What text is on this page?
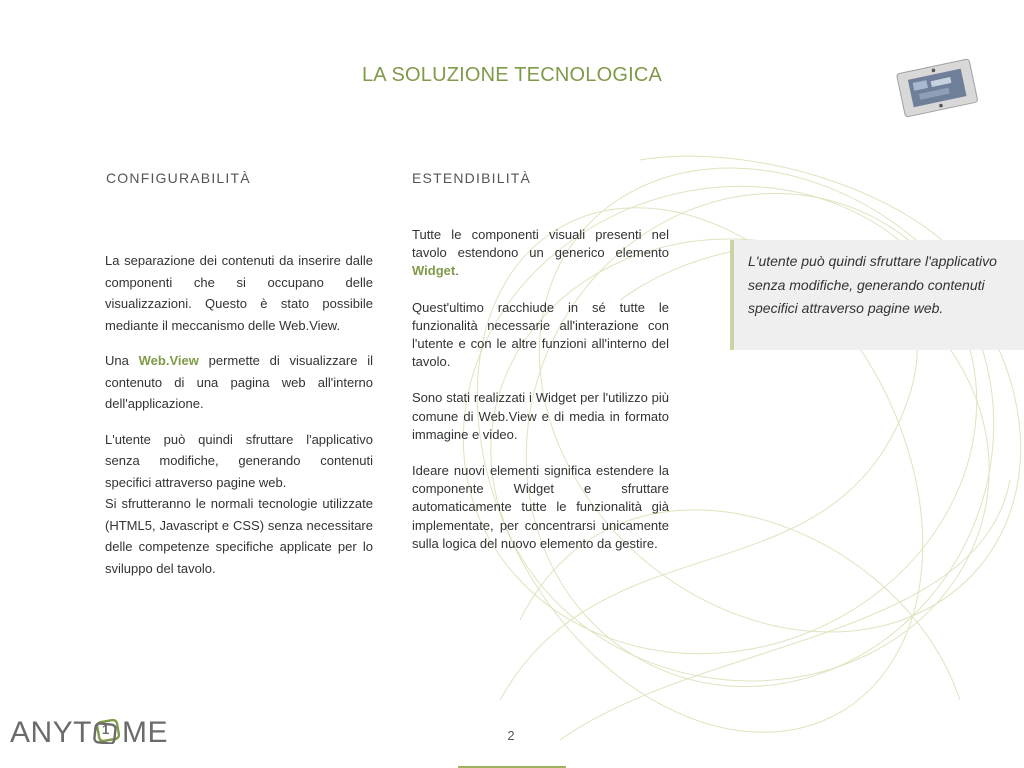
LA SOLUZIONE TECNOLOGICA
CONFIGURABILITÀ	ESTENDIBILITÀ

La separazione dei contenuti da inserire dalle componenti che si occupano delle visualizzazioni. Questo è stato possibile mediante il meccanismo delle Web.View.

Una Web.View permette di visualizzare il contenuto di una pagina web all'interno dell'applicazione.

L'utente può quindi sfruttare l'applicativo senza modifiche, generando contenuti specifici attraverso pagine web.
Si sfrutteranno le normali tecnologie utilizzate (HTML5, Javascript e CSS) senza necessitare delle competenze specifiche applicate per lo sviluppo del tavolo.

Tutte le componenti visuali presenti nel tavolo estendono un generico elemento Widget.

Quest'ultimo racchiude in sé tutte le funzionalità necessarie all'interazione con l'utente e con le altre funzioni all'interno del tavolo.

Sono stati realizzati i Widget per l'utilizzo più comune di Web.View e di media in formato immagine e video.

Ideare nuovi elementi significa estendere la componente Widget e sfruttare automaticamente tutte le funzionalità già implementate, per concentrarsi unicamente sulla logica del nuovo elemento da gestire.

L'utente può quindi sfruttare l'applicativo senza modifiche, generando contenuti specifici attraverso pagine web.
ANYT 1 ME	2
